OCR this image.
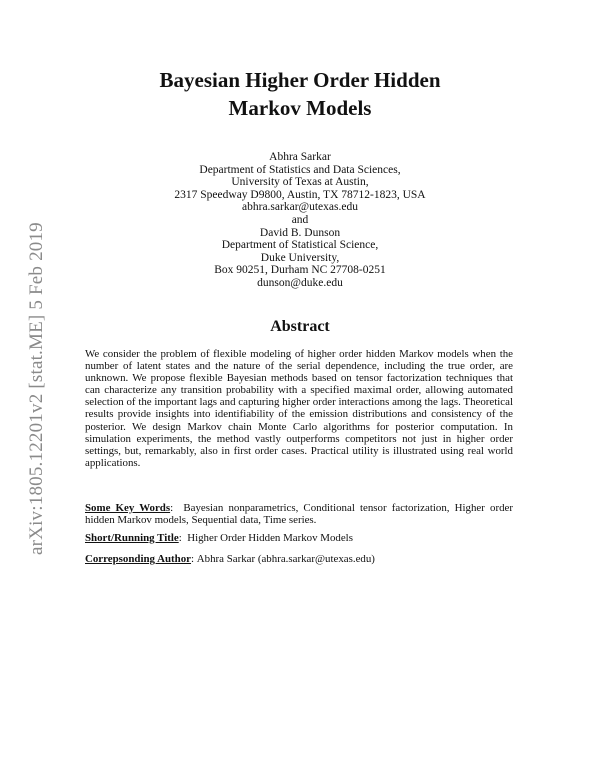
arXiv:1805.12201v2 [stat.ME] 5 Feb 2019
Bayesian Higher Order Hidden
Markov Models
Abhra Sarkar
Department of Statistics and Data Sciences,
University of Texas at Austin,
2317 Speedway D9800, Austin, TX 78712-1823, USA
abhra.sarkar@utexas.edu
and
David B. Dunson
Department of Statistical Science,
Duke University,
Box 90251, Durham NC 27708-0251
dunson@duke.edu
Abstract
We consider the problem of flexible modeling of higher order hidden Markov models when the number of latent states and the nature of the serial dependence, including the true order, are unknown. We propose flexible Bayesian methods based on tensor factorization techniques that can characterize any transition probability with a specified maximal order, allowing automated selection of the important lags and capturing higher order interactions among the lags. Theoretical results provide insights into identifiability of the emission distributions and consistency of the posterior. We design Markov chain Monte Carlo algorithms for posterior computation. In simulation experiments, the method vastly outperforms competitors not just in higher order settings, but, remarkably, also in first order cases. Practical utility is illustrated using real world applications.
Some Key Words:  Bayesian nonparametrics, Conditional tensor factorization, Higher order hidden Markov models, Sequential data, Time series.
Short/Running Title:  Higher Order Hidden Markov Models
Correpsonding Author: Abhra Sarkar (abhra.sarkar@utexas.edu)
